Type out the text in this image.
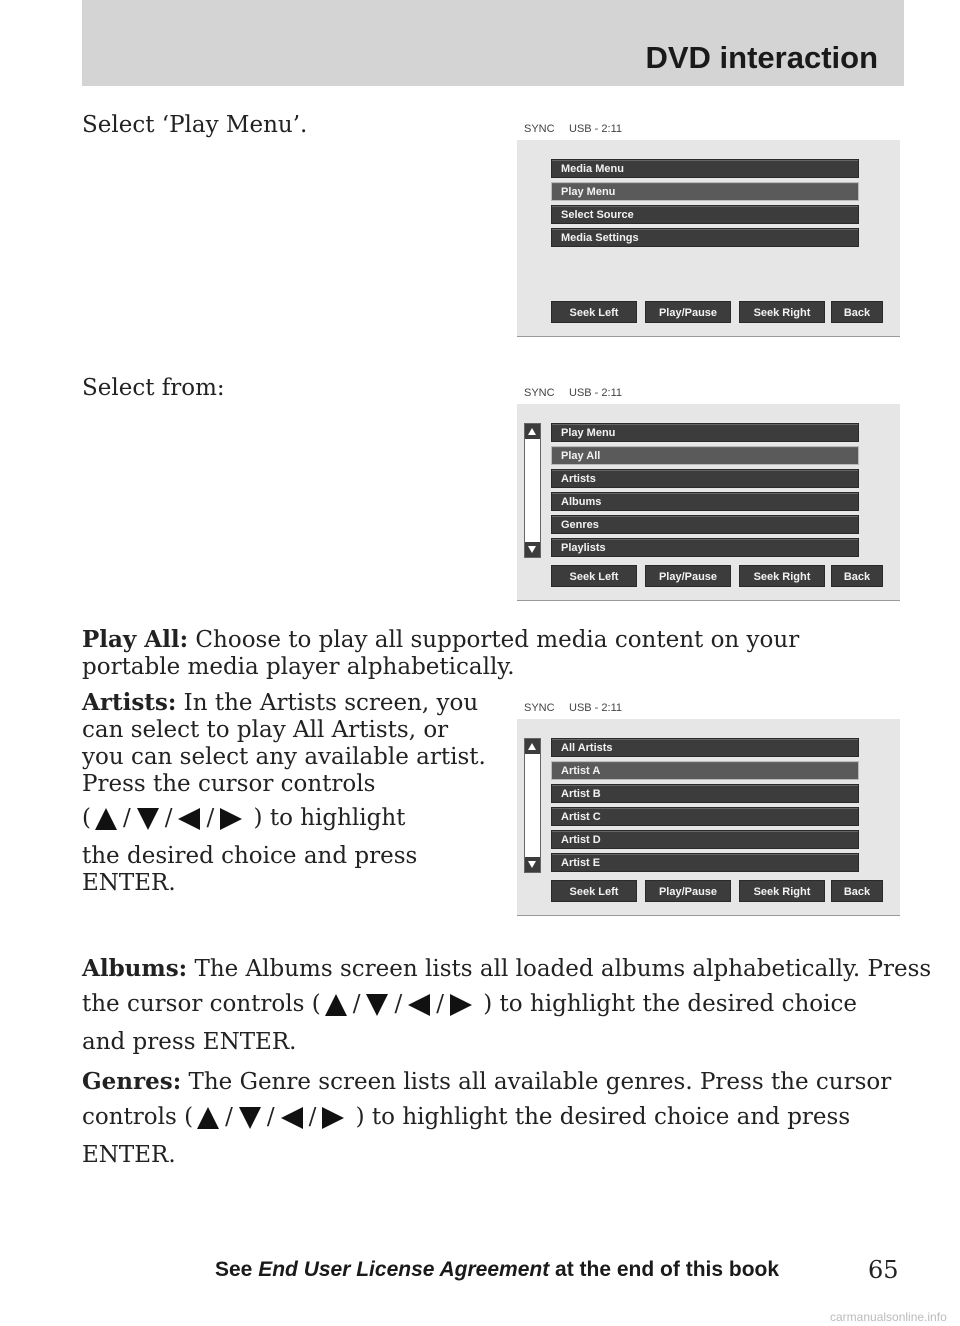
DVD interaction
Select ‘Play Menu’.
Select from:
Play All: Choose to play all supported media content on your portable media player alphabetically.
Artists: In the Artists screen, you can select to play All Artists, or you can select any available artist. Press the cursor controls
( / / / ) to highlight
the desired choice and press ENTER.
Albums: The Albums screen lists all loaded albums alphabetically. Press
the cursor controls ( / / / ) to highlight the desired choice
and press ENTER.
Genres: The Genre screen lists all available genres. Press the cursor
controls ( / / / ) to highlight the desired choice and press
ENTER.
SYNC USB - 2:11
Media Menu
Play Menu
Select Source
Media Settings
Seek Left	Play/Pause	Seek Right	Back
SYNC USB - 2:11
Play Menu
Play All
Artists
Albums
Genres
Playlists
Seek Left	Play/Pause	Seek Right	Back
SYNC USB - 2:11
All Artists
Artist A
Artist B
Artist C
Artist D
Artist E
Seek Left	Play/Pause	Seek Right	Back
See End User License Agreement at the end of this book	65
carmanualsonline.info
